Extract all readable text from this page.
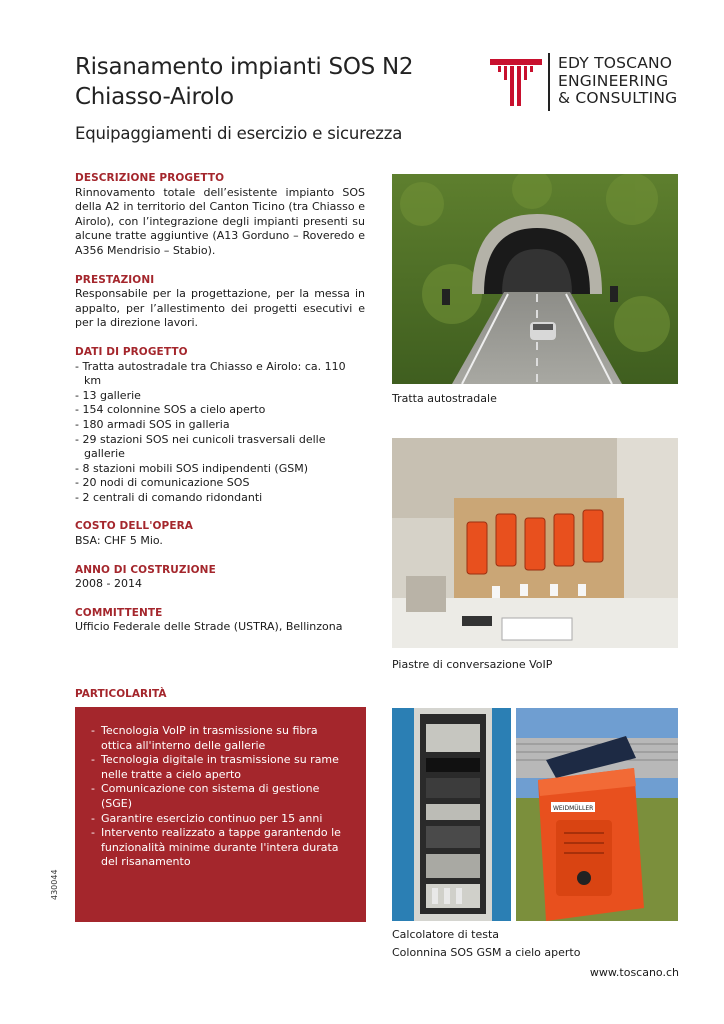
Risanamento impianti SOS N2
Chiasso-Airolo
Equipaggiamenti di esercizio e sicurezza
EDY TOSCANO
ENGINEERING
& CONSULTING

DESCRIZIONE PROGETTO

Rinnovamento totale dell’esistente impianto SOS della A2 in territorio del Canton Ticino (tra Chiasso e Airolo), con l’integrazione degli impianti presenti su alcune tratte aggiuntive (A13 Gorduno – Roveredo e A356 Mendrisio – Stabio).

PRESTAZIONI

Responsabile per la progettazione, per la messa in appalto, per l’allestimento dei progetti esecutivi e per la direzione lavori.

DATI DI PROGETTO

- Tratta autostradale tra Chiasso e Airolo: ca. 110 km
- 13 gallerie
- 154 colonnine SOS a cielo aperto
- 180 armadi SOS in galleria
- 29 stazioni SOS nei cunicoli trasversali delle gallerie
- 8 stazioni mobili SOS indipendenti (GSM)
- 20 nodi di comunicazione SOS
- 2 centrali di comando ridondanti

COSTO DELL'OPERA

BSA: CHF 5 Mio.

ANNO DI COSTRUZIONE

2008 - 2014

COMMITTENTE

Ufficio Federale delle Strade (USTRA), Bellinzona

PARTICOLARITÀ
- Tecnologia VoIP in trasmissione su fibra ottica all'interno delle gallerie
- Tecnologia digitale in trasmissione su rame nelle tratte a cielo aperto
- Comunicazione con sistema di gestione (SGE)
- Garantire esercizio continuo per 15 anni
- Intervento realizzato a tappe garantendo le funzionalità minime durante l'intera durata del risanamento
430044
Tratta autostradale
Piastre di conversazione VoIP
WEIDMÜLLER
Calcolatore di testa
Colonnina SOS GSM a cielo aperto
www.toscano.ch
